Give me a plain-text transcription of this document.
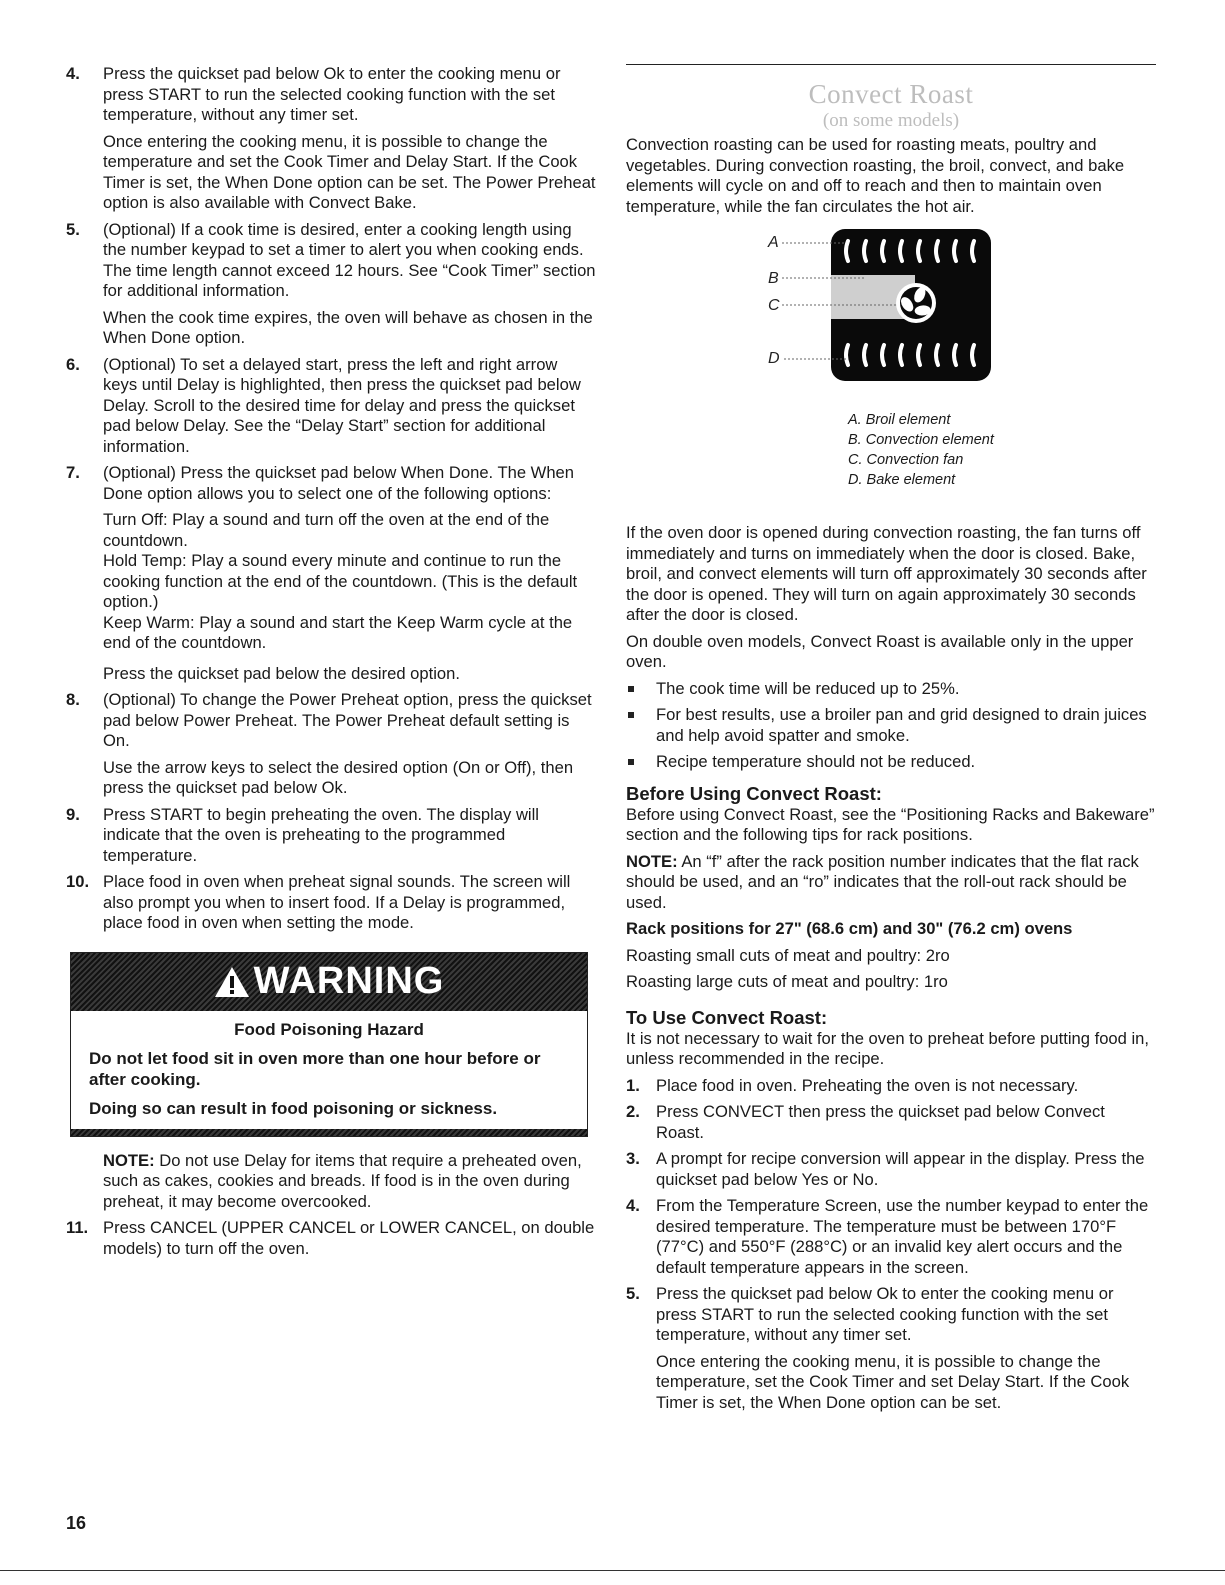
4. Press the quickset pad below Ok to enter the cooking menu or press START to run the selected cooking function with the set temperature, without any timer set.

Once entering the cooking menu, it is possible to change the temperature and set the Cook Timer and Delay Start. If the Cook Timer is set, the When Done option can be set. The Power Preheat option is also available with Convect Bake.

5. (Optional) If a cook time is desired, enter a cooking length using the number keypad to set a timer to alert you when cooking ends. The time length cannot exceed 12 hours. See “Cook Timer” section for additional information.

When the cook time expires, the oven will behave as chosen in the When Done option.

6. (Optional) To set a delayed start, press the left and right arrow keys until Delay is highlighted, then press the quickset pad below Delay. Scroll to the desired time for delay and press the quickset pad below Delay. See the “Delay Start” section for additional information.

7. (Optional) Press the quickset pad below When Done. The When Done option allows you to select one of the following options:

Turn Off: Play a sound and turn off the oven at the end of the countdown.

Hold Temp: Play a sound every minute and continue to run the cooking function at the end of the countdown. (This is the default option.)

Keep Warm: Play a sound and start the Keep Warm cycle at the end of the countdown.

Press the quickset pad below the desired option.

8. (Optional) To change the Power Preheat option, press the quickset pad below Power Preheat. The Power Preheat default setting is On.

Use the arrow keys to select the desired option (On or Off), then press the quickset pad below Ok.

9. Press START to begin preheating the oven. The display will indicate that the oven is preheating to the programmed temperature.

10. Place food in oven when preheat signal sounds. The screen will also prompt you when to insert food. If a Delay is programmed, place food in oven when setting the mode.

WARNING

Food Poisoning Hazard

Do not let food sit in oven more than one hour before or after cooking.

Doing so can result in food poisoning or sickness.

NOTE: Do not use Delay for items that require a preheated oven, such as cakes, cookies and breads. If food is in the oven during preheat, it may become overcooked.

11. Press CANCEL (UPPER CANCEL or LOWER CANCEL, on double models) to turn off the oven.

Convect Roast
(on some models)

Convection roasting can be used for roasting meats, poultry and vegetables. During convection roasting, the broil, convect, and bake elements will cycle on and off to reach and then to maintain oven temperature, while the fan circulates the hot air.

A
B
C
D
A. Broil element
B. Convection element
C. Convection fan
D. Bake element

If the oven door is opened during convection roasting, the fan turns off immediately and turns on immediately when the door is closed. Bake, broil, and convect elements will turn off approximately 30 seconds after the door is opened. They will turn on again approximately 30 seconds after the door is closed.

On double oven models, Convect Roast is available only in the upper oven.

The cook time will be reduced up to 25%.
For best results, use a broiler pan and grid designed to drain juices and help avoid spatter and smoke.
Recipe temperature should not be reduced.
Before Using Convect Roast:

Before using Convect Roast, see the “Positioning Racks and Bakeware” section and the following tips for rack positions.

NOTE: An “f” after the rack position number indicates that the flat rack should be used, and an “ro” indicates that the roll-out rack should be used.

Rack positions for 27" (68.6 cm) and 30" (76.2 cm) ovens

Roasting small cuts of meat and poultry: 2ro

Roasting large cuts of meat and poultry: 1ro

To Use Convect Roast:

It is not necessary to wait for the oven to preheat before putting food in, unless recommended in the recipe.

1. Place food in oven. Preheating the oven is not necessary.

2. Press CONVECT then press the quickset pad below Convect Roast.

3. A prompt for recipe conversion will appear in the display. Press the quickset pad below Yes or No.

4. From the Temperature Screen, use the number keypad to enter the desired temperature. The temperature must be between 170°F (77°C) and 550°F (288°C) or an invalid key alert occurs and the default temperature appears in the screen.

5. Press the quickset pad below Ok to enter the cooking menu or press START to run the selected cooking function with the set temperature, without any timer set.

Once entering the cooking menu, it is possible to change the temperature, set the Cook Timer and set Delay Start. If the Cook Timer is set, the When Done option can be set.

16
